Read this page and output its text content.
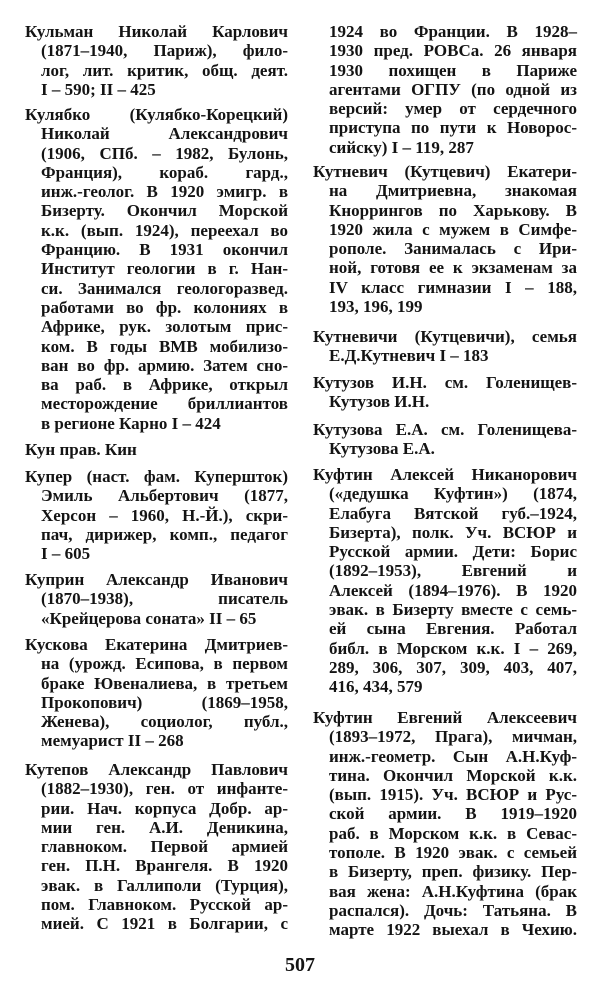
Кульман Николай Карлович
(1871–1940, Париж), фило-
лог, лит. критик, общ. деят.
I – 590; II – 425
Кулябко (Кулябко-Корецкий)
Николай Александрович
(1906, СПб. – 1982, Булонь,
Франция), кораб. гард.,
инж.-геолог. В 1920 эмигр. в
Бизерту. Окончил Морской
к.к. (вып. 1924), переехал во
Францию. В 1931 окончил
Институт геологии в г. Нан-
си. Занимался геологоразвед.
работами во фр. колониях в
Африке, рук. золотым прис-
ком. В годы ВМВ мобилизо-
ван во фр. армию. Затем сно-
ва раб. в Африке, открыл
месторождение бриллиантов
в регионе Карно I – 424
Кун прав. Кин
Купер (наст. фам. Купершток)
Эмиль Альбертович (1877,
Херсон – 1960, Н.-Й.), скри-
пач, дирижер, комп., педагог
I – 605
Куприн Александр Иванович
(1870–1938), писатель
«Крейцерова соната» II – 65
Кускова Екатерина Дмитриев-
на (урожд. Есипова, в первом
браке Ювеналиева, в третьем
Прокопович) (1869–1958,
Женева), социолог, публ.,
мемуарист II – 268
Кутепов Александр Павлович
(1882–1930), ген. от инфанте-
рии. Нач. корпуса Добр. ар-
мии ген. А.И. Деникина,
главноком. Первой армией
ген. П.Н. Врангеля. В 1920
эвак. в Галлиполи (Турция),
пом. Главноком. Русской ар-
мией. С 1921 в Болгарии, с
1924 во Франции. В 1928–
1930 пред. РОВСа. 26 января
1930 похищен в Париже
агентами ОГПУ (по одной из
версий: умер от сердечного
приступа по пути к Новорос-
сийску) I – 119, 287
Кутневич (Кутцевич) Екатери-
на Дмитриевна, знакомая
Кноррингов по Харькову. В
1920 жила с мужем в Симфе-
рополе. Занималась с Ири-
ной, готовя ее к экзаменам за
IV класс гимназии I – 188,
193, 196, 199
Кутневичи (Кутцевичи), семья
Е.Д.Кутневич I – 183
Кутузов И.Н. см. Голенищев-
Кутузов И.Н.
Кутузова Е.А. см. Голенищева-
Кутузова Е.А.
Куфтин Алексей Никанорович
(«дедушка Куфтин») (1874,
Елабуга Вятской губ.–1924,
Бизерта), полк. Уч. ВСЮР и
Русской армии. Дети: Борис
(1892–1953), Евгений и
Алексей (1894–1976). В 1920
эвак. в Бизерту вместе с семь-
ей сына Евгения. Работал
библ. в Морском к.к. I – 269,
289, 306, 307, 309, 403, 407,
416, 434, 579
Куфтин Евгений Алексеевич
(1893–1972, Прага), мичман,
инж.-геометр. Сын А.Н.Куф-
тина. Окончил Морской к.к.
(вып. 1915). Уч. ВСЮР и Рус-
ской армии. В 1919–1920
раб. в Морском к.к. в Севас-
тополе. В 1920 эвак. с семьей
в Бизерту, преп. физику. Пер-
вая жена: А.Н.Куфтина (брак
распался). Дочь: Татьяна. В
марте 1922 выехал в Чехию.
507
